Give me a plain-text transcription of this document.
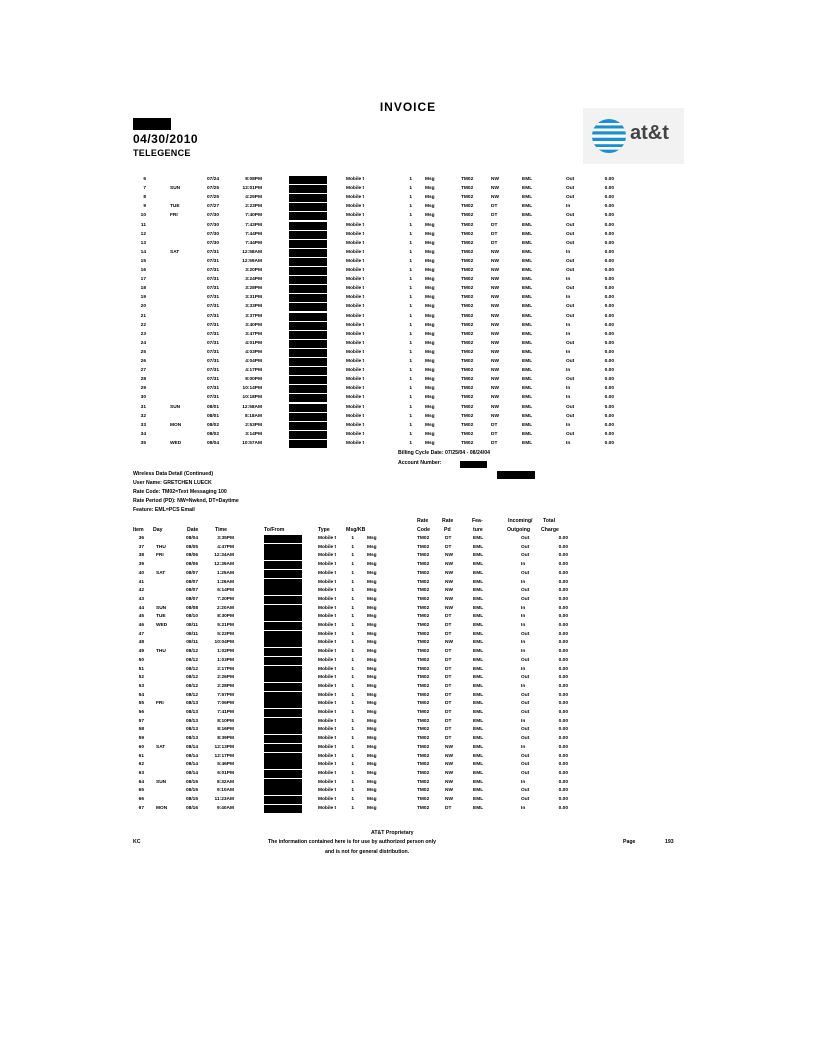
INVOICE
04/30/2010
TELEGENCE
at&t
6	07/24	8:08PM	Mobile t	1	Msg	TM02	NW	EML	Out	0.00
7	SUN	07/25	12:01PM	Mobile t	1	Msg	TM02	NW	EML	Out	0.00
8	07/25	4:25PM	Mobile t	1	Msg	TM02	NW	EML	Out	0.00
9	TUE	07/27	2:23PM	Mobile t	1	Msg	TM02	DT	EML	In	0.00
10	FRI	07/30	7:40PM	Mobile t	1	Msg	TM02	DT	EML	Out	0.00
11	07/30	7:43PM	Mobile t	1	Msg	TM02	DT	EML	Out	0.00
12	07/30	7:44PM	Mobile t	1	Msg	TM02	DT	EML	Out	0.00
13	07/30	7:44PM	Mobile t	1	Msg	TM02	DT	EML	Out	0.00
14	SAT	07/31	12:58AM	Mobile t	1	Msg	TM02	NW	EML	In	0.00
15	07/31	12:59AM	Mobile t	1	Msg	TM02	NW	EML	Out	0.00
16	07/31	3:20PM	Mobile t	1	Msg	TM02	NW	EML	Out	0.00
17	07/31	3:24PM	Mobile t	1	Msg	TM02	NW	EML	In	0.00
18	07/31	3:28PM	Mobile t	1	Msg	TM02	NW	EML	Out	0.00
19	07/31	3:31PM	Mobile t	1	Msg	TM02	NW	EML	In	0.00
20	07/31	3:33PM	Mobile t	1	Msg	TM02	NW	EML	Out	0.00
21	07/31	3:37PM	Mobile t	1	Msg	TM02	NW	EML	Out	0.00
22	07/31	3:40PM	Mobile t	1	Msg	TM02	NW	EML	In	0.00
23	07/31	3:47PM	Mobile t	1	Msg	TM02	NW	EML	In	0.00
24	07/31	4:01PM	Mobile t	1	Msg	TM02	NW	EML	Out	0.00
25	07/31	4:03PM	Mobile t	1	Msg	TM02	NW	EML	In	0.00
26	07/31	4:04PM	Mobile t	1	Msg	TM02	NW	EML	Out	0.00
27	07/31	4:17PM	Mobile t	1	Msg	TM02	NW	EML	In	0.00
28	07/31	8:00PM	Mobile t	1	Msg	TM02	NW	EML	Out	0.00
29	07/31	10:14PM	Mobile t	1	Msg	TM02	NW	EML	In	0.00
30	07/31	10:18PM	Mobile t	1	Msg	TM02	NW	EML	In	0.00
31	SUN	08/01	12:58AM	Mobile t	1	Msg	TM02	NW	EML	Out	0.00
32	08/01	8:18AM	Mobile t	1	Msg	TM02	NW	EML	Out	0.00
33	MON	08/02	2:53PM	Mobile t	1	Msg	TM02	DT	EML	In	0.00
34	08/02	3:14PM	Mobile t	1	Msg	TM02	DT	EML	Out	0.00
35	WED	08/04	10:57AM	Mobile t	1	Msg	TM02	DT	EML	In	0.00
Billing Cycle Date: 07/25/04 - 08/24/04
Account Number:
Wireless Data Detail (Continued)
User Name: GRETCHEN LUECK
Rate Code: TM02=Text Messaging 100
Rate Period (PD): NW=Nwknd, DT=Daytime
Feature: EML=PCS Email
Rate	Rate	Fea-	Incoming/ Total
Item Day	Date	Time	To/From	Type	Msg/KB	Code	Pd	ture	Outgoing Charge
36	08/04	3:35PM	Mobile t	1	Msg	TM02	DT	EML	Out	0.00
37	THU	08/05	4:47PM	Mobile t	1	Msg	TM02	DT	EML	Out	0.00
38	FRI	08/06	12:34AM	Mobile t	1	Msg	TM02	NW	EML	Out	0.00
39	08/06	12:39AM	Mobile t	1	Msg	TM02	NW	EML	In	0.00
40	SAT	08/07	1:25AM	Mobile t	1	Msg	TM02	NW	EML	Out	0.00
41	08/07	1:26AM	Mobile t	1	Msg	TM02	NW	EML	In	0.00
42	08/07	6:14PM	Mobile t	1	Msg	TM02	NW	EML	Out	0.00
43	08/07	7:20PM	Mobile t	1	Msg	TM02	NW	EML	Out	0.00
44	SUN	08/08	2:20AM	Mobile t	1	Msg	TM02	NW	EML	In	0.00
45	TUE	08/10	8:30PM	Mobile t	1	Msg	TM02	DT	EML	In	0.00
46	WED	08/11	5:21PM	Mobile t	1	Msg	TM02	DT	EML	In	0.00
47	08/11	5:22PM	Mobile t	1	Msg	TM02	DT	EML	Out	0.00
48	08/11	10:04PM	Mobile t	1	Msg	TM02	NW	EML	In	0.00
49	THU	08/12	1:02PM	Mobile t	1	Msg	TM02	DT	EML	In	0.00
50	08/12	1:03PM	Mobile t	1	Msg	TM02	DT	EML	Out	0.00
51	08/12	2:17PM	Mobile t	1	Msg	TM02	DT	EML	In	0.00
52	08/12	2:26PM	Mobile t	1	Msg	TM02	DT	EML	Out	0.00
53	08/12	2:28PM	Mobile t	1	Msg	TM02	DT	EML	In	0.00
54	08/12	7:57PM	Mobile t	1	Msg	TM02	DT	EML	Out	0.00
55	FRI	08/13	7:06PM	Mobile t	1	Msg	TM02	DT	EML	Out	0.00
56	08/13	7:41PM	Mobile t	1	Msg	TM02	DT	EML	Out	0.00
57	08/13	8:10PM	Mobile t	1	Msg	TM02	DT	EML	In	0.00
58	08/13	8:16PM	Mobile t	1	Msg	TM02	DT	EML	Out	0.00
59	08/13	8:39PM	Mobile t	1	Msg	TM02	DT	EML	Out	0.00
60	SAT	08/14	12:13PM	Mobile t	1	Msg	TM02	NW	EML	In	0.00
61	08/14	12:17PM	Mobile t	1	Msg	TM02	NW	EML	Out	0.00
62	08/14	5:46PM	Mobile t	1	Msg	TM02	NW	EML	Out	0.00
63	08/14	6:01PM	Mobile t	1	Msg	TM02	NW	EML	Out	0.00
64	SUN	08/15	8:32AM	Mobile t	1	Msg	TM02	NW	EML	In	0.00
65	08/15	9:10AM	Mobile t	1	Msg	TM02	NW	EML	Out	0.00
66	08/15	11:23AM	Mobile t	1	Msg	TM02	NW	EML	Out	0.00
67	MON	08/16	9:40AM	Mobile t	1	Msg	TM02	DT	EML	In	0.00
AT&T Proprietary
KC	The information contained here is for use by authorized person only	Page	193
and is not for general distribution.
